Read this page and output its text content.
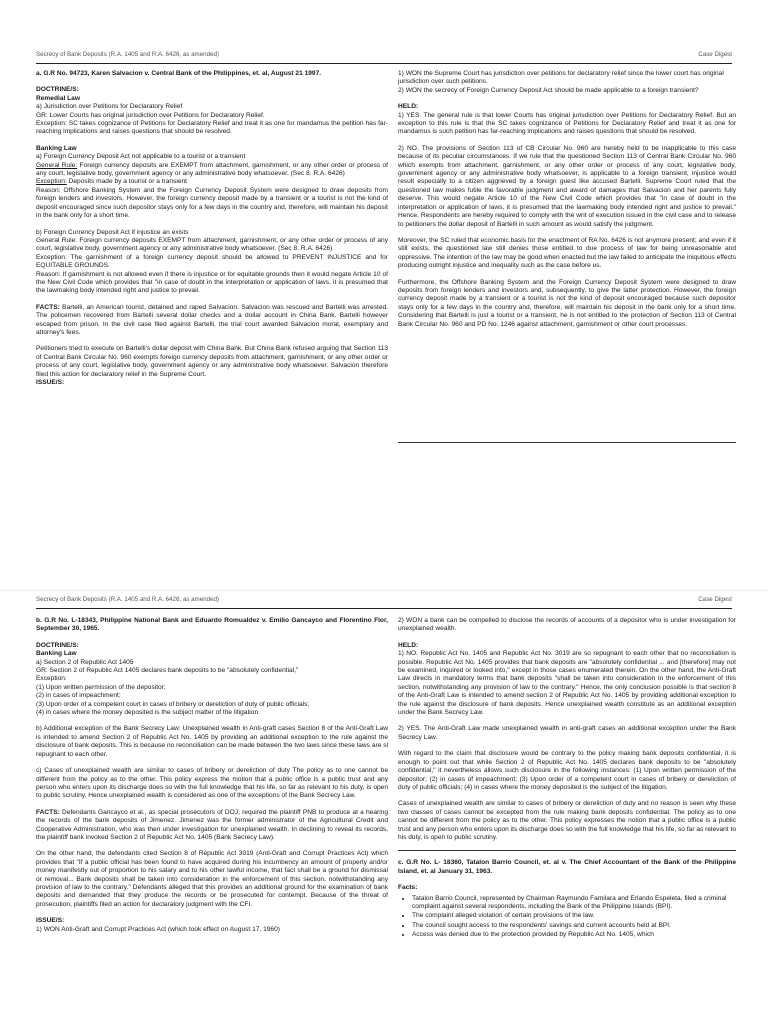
Secrecy of Bank Deposits (R.A. 1405 and R.A. 6426, as amended)	Case Digest

a. G.R No. 94723, Karen Salvacion v. Central Bank of the Philippines, et. al, August 21 1997.

DOCTRINE/S:
Remedial Law
a) Jurisdiction over Petitions for Declaratory Relief
GR: Lower Courts has original jurisdiction over Petitions for Declaratory Relief.
Exception: SC takes cognizance of Petitions for Declaratory Relief and treat it as one for mandamus the petition has far-reaching implications and raises questions that should be resolved.
Banking Law
a) Foreign Currency Deposit Act not applicable to a tourist or a transient
General Rule: Foreign currency deposits are EXEMPT from attachment, garnishment, or any other order or process of any court, legislative body, government agency or any administrative body whatsoever. (Sec 8. R.A. 6426)
Exception: Deposits made by a tourist or a transient
Reason: Offshore Banking System and the Foreign Currency Deposit System were designed to draw deposits from foreign lenders and investors. However, the foreign currency deposit made by a transient or a tourist is not the kind of deposit encouraged since such depositor stays only for a few days in the country and, therefore, will maintain his deposit in the bank only for a short time.
b) Foreign Currency Deposit Act if injustice an exists
General Rule: Foreign currency deposits EXEMPT from attachment, garnishment, or any other order or process of any court, legislative body, government agency or any administrative body whatsoever. (Sec 8. R.A. 6426)
Exception: The garnishment of a foreign currency deposit should be allowed to PREVENT INJUSTICE and for EQUITABLE GROUNDS.
Reason: If garnishment is not allowed even if there is injustice or for equitable grounds then it would negate Article 10 of the New Civil Code which provides that "in case of doubt in the interpretation or application of laws, it is presumed that the lawmaking body intended right and justice to prevail.

FACTS: Bartelli, an American tourist, detained and raped Salvacion. Salvacion was rescued and Bartelli was arrested. The policemen recovered from Bartelli several dollar checks and a dollar account in China Bank. Bartelli however escaped from prison. In the civil case filed against Bartelli, the trial court awarded Salvacion moral, exemplary and attorney's fees.

Petitioners tried to execute on Bartelli's dollar deposit with China Bank. But China Bank refused arguing that Section 113 of Central Bank Circular No. 960 exempts foreign currency deposits from attachment, garnishment, or any other order or process of any court, legislative body, government agency or any administrative body whatsoever. Salvacion therefore filed this action for declaratory relief in the Supreme Court.

ISSUE/S:
1) WON the Supreme Court has jurisdiction over petitions for declaratory relief since the lower court has original jurisdiction over such petitions.
2) WON the secrecy of Foreign Currency Deposit Act should be made applicable to a foreign transient?
HELD:

1) YES. The general rule is that lower Courts has original jurisdiction over Petitions for Declaratory Relief. But an exception to this rule is that the SC takes cognizance of Petitions for Declaratory Relief and treat it as one for mandamus is such petition has far-reaching implications and raises questions that should be resolved.

2) NO. The provisions of Section 113 of CB Circular No. 960 are hereby held to be inapplicable to this case because of its peculiar circumstances. If we rule that the questioned Section 113 of Central Bank Circular No. 960 which exempts from attachment, garnishment, or any other order or process of any court, legislative body, government agency or any administrative body whatsoever, is applicable to a foreign transient, injustice would result especially to a citizen aggrieved by a foreign guest like accused Bartelli. Supreme Court ruled that the questioned law makes futile the favorable judgment and award of damages that Salvacion and her parents fully deserve. This would negate Article 10 of the New Civil Code which provides that "in case of doubt in the interpretation or application of laws, it is presumed that the lawmaking body intended right and justice to prevail." Hence, Respondents are hereby required to comply with the writ of execution issued in the civil case and to release to petitioners the dollar deposit of Bartelli in such amount as would satisfy the judgment.

Moreover, the SC ruled that economic basis for the enactment of RA No. 6426 is not anymore present; and even if it still exists, the questioned law still denies those entitled to due process of law for being unreasonable and oppressive. The intention of the law may be good when enacted but the law failed to anticipate the iniquitous effects producing outright injustice and inequality such as the case before us.

Furthermore, the Offshore Banking System and the Foreign Currency Deposit System were designed to draw deposits from foreign lenders and investors and, subsequently, to give the latter protection. However, the foreign currency deposit made by a transient or a tourist is not the kind of deposit encouraged because such depositor stays only for a few days in the country and, therefore, will maintain his deposit in the bank only for a short time. Considering that Bartelli is just a tourist or a transient, he is not entitled to the protection of Section 113 of Central Bank Circular No. 960 and PD No. 1246 against attachment, garnishment or other court processes.

Secrecy of Bank Deposits (R.A. 1405 and R.A. 6426, as amended)	Case Digest

b. G.R No. L-18343, Philippine National Bank and Eduardo Romualdez v. Emilio Gancayco and Florentino Flor, September 30, 1965.

DOCTRINE/S:
Banking Law
a) Section 2 of Republic Act 1405
GR: Section 2 of Republic Act 1405 declares bank deposits to be "absolutely confidential,"
Exception:
(1) Upon written permission of the depositor;
(2) in cases of impeachment;
(3) Upon order of a competent court in cases of bribery or dereliction of duty of public officials;
(4) in cases where the money deposited is the subject matter of the litigation.

b) Additional exception of the Bank Secrecy Law: Unexplained wealth in Anti-graft cases Section 8 of the Anti-Graft Law is intended to amend Section 2 of Republic Act No. 1405 by providing an additional exception to the rule against the disclosure of bank deposits. This is because no reconciliation can be made between the two laws since these laws are sl repugnant to each other.

c) Cases of unexplained wealth are similar to cases of bribery or dereliction of duty The policy as to one cannot be different from the policy as to the other. This policy express the motion that a public office is a public trust and any person who enters upon its discharge does so with the full knowledge that his life, so far as relevant to his duty, is open to public scrutiny. Hence unexplained wealth is considered as one of the exceptions of the Bank Secrecy Law.

FACTS: Defendants Gancayco et al., as special prosecutors of DOJ, required the plaintiff PNB to produce at a hearing the records of the bank deposits of Jimenez. Jimenez was the former administrator of the Agricultural Credit and Cooperative Administration, who was then under investigation for unexplained wealth. In declining to reveal its records, the plaintiff bank invoked Section 2 of Republic Act No. 1405 (Bank Secrecy Law).

On the other hand, the defendants cited Section 8 of Republic Act 3019 (Anti-Graft and Corrupt Practices Act) which provides that "If a public official has been found to have acquired during his incumbency an amount of property and/or money manifestly out of proportion to his salary and to his other lawful income, that fact shall be a ground for dismissal or removal... Bank deposits shall be taken into consideration in the enforcement of this section, notwithstanding any provision of law to the contrary." Defendants alleged that this provides an additional ground for the examination of bank deposits and demanded that they produce the records or be prosecuted for contempt. Because of the threat of prosecution, plaintiffs filed an action for declaratory judgment with the CFI.

ISSUE/S:
1) WON Anti-Graft and Corrupt Practices Act (which took effect on August 17, 1960)

2) WON a bank can be compelled to disclose the records of accounts of a depositor who is under investigation for unexplained wealth.

HELD:

1) NO. Republic Act No. 1405 and Republic Act No. 3019 are so repugnant to each other that no reconciliation is possible. Republic Act No. 1405 provides that bank deposits are "absolutely confidential ... and [therefore] may not be examined, inquired or looked into," except in those cases enumerated therein. On the other hand, the Anti-Graft Law directs in mandatory terms that bank deposits "shall be taken into consideration in the enforcement of this section, notwithstanding any provision of law to the contrary." Hence, the only conclusion possible is that section 8 of the Anti-Graft Law is intended to amend section 2 of Republic Act No. 1405 by providing additional exception to the rule against the disclosure of bank deposits. Hence unexplained wealth constitute as an additional exception under the Bank Secrecy Law.

2) YES. The Anti-Graft Law made unexplained wealth in anti-graft cases an additional exception under the Bank Secrecy Law.

With regard to the claim that disclosure would be contrary to the policy making bank deposits confidential, it is enough to point out that while Section 2 of Republic Act No. 1405 declares bank deposits to be "absolutely confidential," it nevertheless allows such disclosure in the following instances: (1) Upon written permission of the depositor; (2) in cases of impeachment; (3) Upon order of a competent court in cases of bribery or dereliction of duty of public officials; (4) in cases where the money deposited is the subject of the litigation.

Cases of unexplained wealth are similar to cases of bribery or dereliction of duty and no reason is seen why these two classes of cases cannot be excepted from the rule making bank deposits confidential. The policy as to one cannot be different from the policy as to the other. This policy expresses the notion that a public office is a public trust and any person who enters upon its discharge does so with the full knowledge that his life, so far as relevant to his duty, is open to public scrutiny.

c. G.R No. L- 18360, Tatalon Barrio Council, et. al v. The Chief Accountant of the Bank of the Philippine Island, et. al January 31, 1963.

Facts:
• Tatalon Barrio Council, represented by Chairman Raymundo Familara and Erlando Espeleta, filed a criminal complaint against several respondents, including the Bank of the Philippine Islands (BPI).
• The complaint alleged violation of certain provisions of the law.
• The council sought access to the respondents' savings and current accounts held at BPI.
• Access was denied due to the protection provided by Republic Act No. 1405, which
